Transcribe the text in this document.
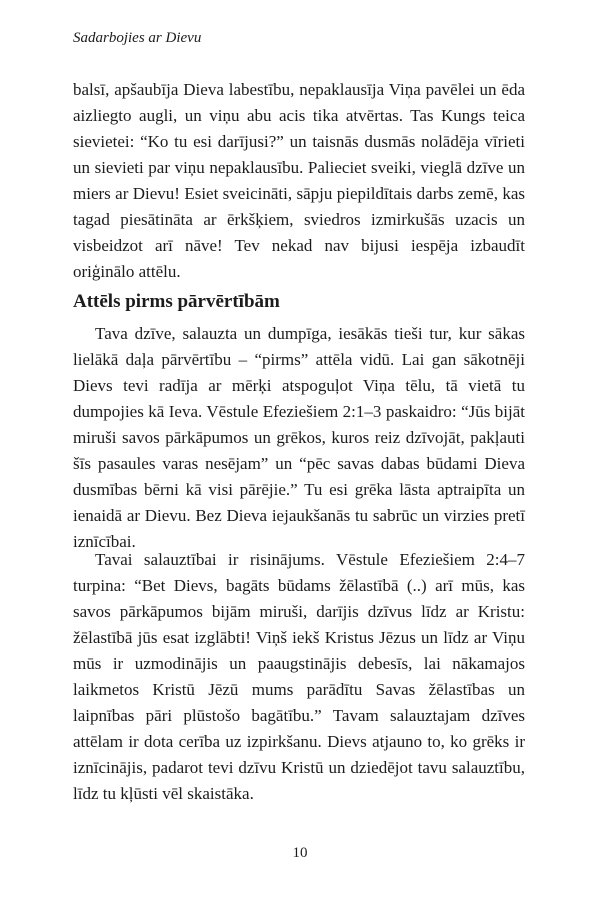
Sadarbojies ar Dievu

balsī, apšaubīja Dieva labestību, nepaklausīja Viņa pavēlei un ēda aizliegto augli, un viņu abu acis tika atvērtas. Tas Kungs teica sievietei: “Ko tu esi darījusi?” un taisnās dusmās nolādēja vīrieti un sievieti par viņu nepaklausību. Palieciet sveiki, vieglā dzīve un miers ar Dievu! Esiet sveicināti, sāpju piepildītais darbs zemē, kas tagad piesātināta ar ērkšķiem, sviedros izmirkušās uzacis un visbeidzot arī nāve! Tev nekad nav bijusi iespēja izbaudīt oriģinālo attēlu.

Attēls pirms pārvērtībām

Tava dzīve, salauzta un dumpīga, iesākās tieši tur, kur sākas lielākā daļa pārvērtību – “pirms” attēla vidū. Lai gan sākotnēji Dievs tevi radīja ar mērķi atspoguļot Viņa tēlu, tā vietā tu dumpojies kā Ieva. Vēstule Efeziešiem 2:1–3 paskaidro: “Jūs bijāt miruši savos pārkāpumos un grēkos, kuros reiz dzīvojāt, pakļauti šīs pasaules varas nesējam” un “pēc savas dabas būdami Dieva dusmības bērni kā visi pārējie.” Tu esi grēka lāsta aptraipīta un ienaidā ar Dievu. Bez Dieva iejaukšanās tu sabrūc un virzies pretī iznīcībai.

Tavai salauztībai ir risinājums. Vēstule Efeziešiem 2:4–7 turpina: “Bet Dievs, bagāts būdams žēlastībā (..) arī mūs, kas savos pārkāpumos bijām miruši, darījis dzīvus līdz ar Kristu: žēlastībā jūs esat izglābti! Viņš iekš Kristus Jēzus un līdz ar Viņu mūs ir uzmodinājis un paaugstinājis debesīs, lai nākamajos laikmetos Kristū Jēzū mums parādītu Savas žēlastības un laipnības pāri plūstošo bagātību.” Tavam salauztajam dzīves attēlam ir dota cerība uz izpirkšanu. Dievs atjauno to, ko grēks ir iznīcinājis, padarot tevi dzīvu Kristū un dziedējot tavu salauztību, līdz tu kļūsti vēl skaistāka.

10
